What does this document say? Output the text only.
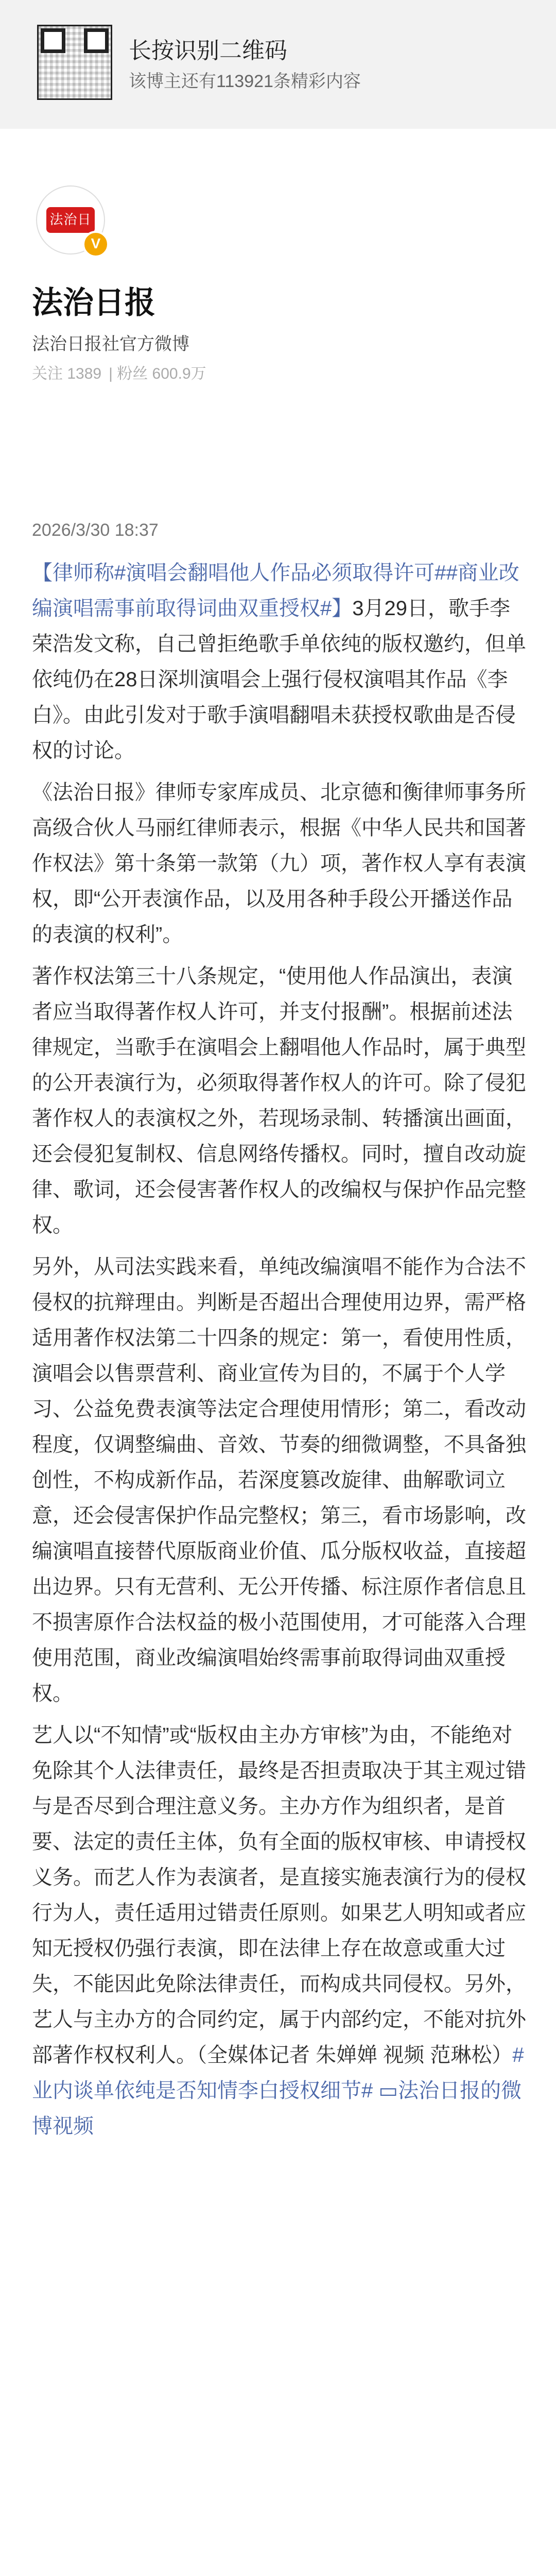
长按识别二维码
该博主还有113921条精彩内容
法治日报 V
法治日报
法治日报社官方微博
关注 1389 | 粉丝 600.9万
2026/3/30 18:37

【律师称#演唱会翻唱他人作品必须取得许可##商业改编演唱需事前取得词曲双重授权#】3月29日，歌手李荣浩发文称，自己曾拒绝歌手单依纯的版权邀约，但单依纯仍在28日深圳演唱会上强行侵权演唱其作品《李白》。由此引发对于歌手演唱翻唱未获授权歌曲是否侵权的讨论。

《法治日报》律师专家库成员、北京德和衡律师事务所高级合伙人马丽红律师表示，根据《中华人民共和国著作权法》第十条第一款第（九）项，著作权人享有表演权，即“公开表演作品，以及用各种手段公开播送作品的表演的权利”。

著作权法第三十八条规定，“使用他人作品演出，表演者应当取得著作权人许可，并支付报酬”。根据前述法律规定，当歌手在演唱会上翻唱他人作品时，属于典型的公开表演行为，必须取得著作权人的许可。除了侵犯著作权人的表演权之外，若现场录制、转播演出画面，还会侵犯复制权、信息网络传播权。同时，擅自改动旋律、歌词，还会侵害著作权人的改编权与保护作品完整权。

另外，从司法实践来看，单纯改编演唱不能作为合法不侵权的抗辩理由。判断是否超出合理使用边界，需严格适用著作权法第二十四条的规定：第一，看使用性质，演唱会以售票营利、商业宣传为目的，不属于个人学习、公益免费表演等法定合理使用情形；第二，看改动程度，仅调整编曲、音效、节奏的细微调整，不具备独创性，不构成新作品，若深度篡改旋律、曲解歌词立意，还会侵害保护作品完整权；第三，看市场影响，改编演唱直接替代原版商业价值、瓜分版权收益，直接超出边界。只有无营利、无公开传播、标注原作者信息且不损害原作合法权益的极小范围使用，才可能落入合理使用范围，商业改编演唱始终需事前取得词曲双重授权。

艺人以“不知情”或“版权由主办方审核”为由，不能绝对免除其个人法律责任，最终是否担责取决于其主观过错与是否尽到合理注意义务。主办方作为组织者，是首要、法定的责任主体，负有全面的版权审核、申请授权义务。而艺人作为表演者，是直接实施表演行为的侵权行为人，责任适用过错责任原则。如果艺人明知或者应知无授权仍强行表演，即在法律上存在故意或重大过失，不能因此免除法律责任，而构成共同侵权。另外，艺人与主办方的合同约定，属于内部约定，不能对抗外部著作权权利人。（全媒体记者 朱婵婵 视频 范琳松）#业内谈单依纯是否知情李白授权细节# ▭法治日报的微博视频
